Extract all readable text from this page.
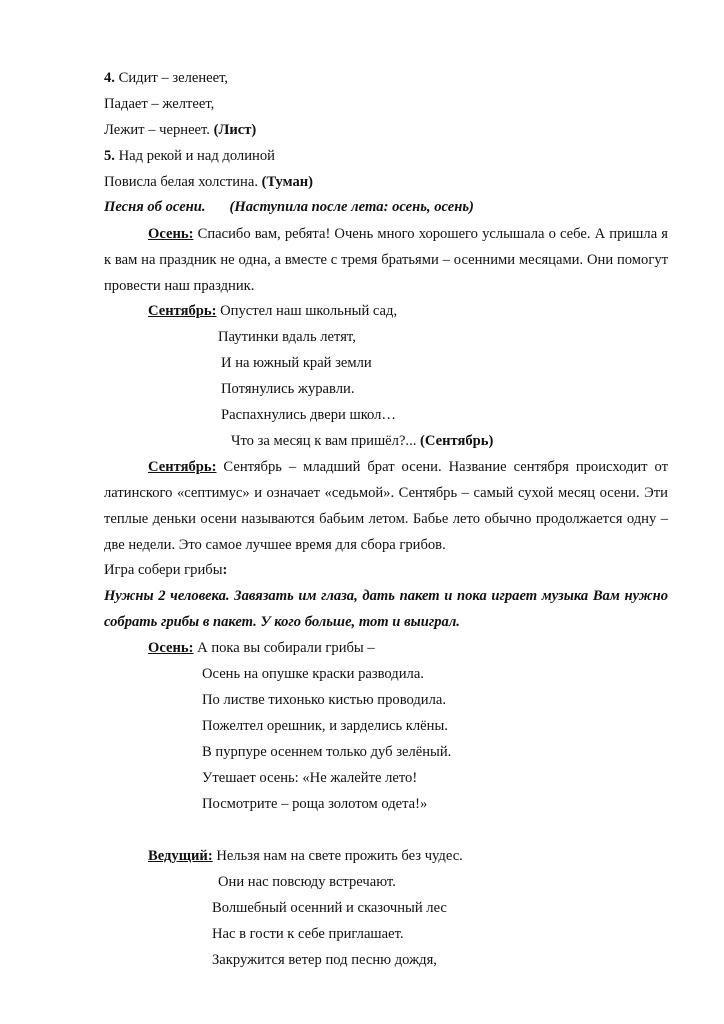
4. Сидит – зеленеет,
Падает – желтеет,
Лежит – чернеет. (Лист)
5. Над рекой и над долиной
Повисла белая холстина. (Туман)
Песня об осени. (Наступила после лета: осень, осень)
Осень: Спасибо вам, ребята! Очень много хорошего услышала о себе. А пришла я
к вам на праздник не одна, а вместе с тремя братьями – осенними месяцами. Они помогут
провести наш праздник.
Сентябрь: Опустел наш школьный сад,
Паутинки вдаль летят,
И на южный край земли
Потянулись журавли.
Распахнулись двери школ…
Что за месяц к вам пришёл?... (Сентябрь)
Сентябрь: Сентябрь – младший брат осени. Название сентября происходит от
латинского «септимус» и означает «седьмой». Сентябрь – самый сухой месяц осени. Эти
теплые деньки осени называются бабьим летом. Бабье лето обычно продолжается одну –
две недели. Это самое лучшее время для сбора грибов.
Игра собери грибы:
Нужны 2 человека. Завязать им глаза, дать пакет и пока играет музыка Вам нужно
собрать грибы в пакет. У кого больше, тот и выиграл.
Осень: А пока вы собирали грибы –
Осень на опушке краски разводила.
По листве тихонько кистью проводила.
Пожелтел орешник, и зарделись клёны.
В пурпуре осеннем только дуб зелёный.
Утешает осень: «Не жалейте лето!
Посмотрите – роща золотом одета!»
Ведущий: Нельзя нам на свете прожить без чудес.
Они нас повсюду встречают.
Волшебный осенний и сказочный лес
Нас в гости к себе приглашает.
Закружится ветер под песню дождя,
